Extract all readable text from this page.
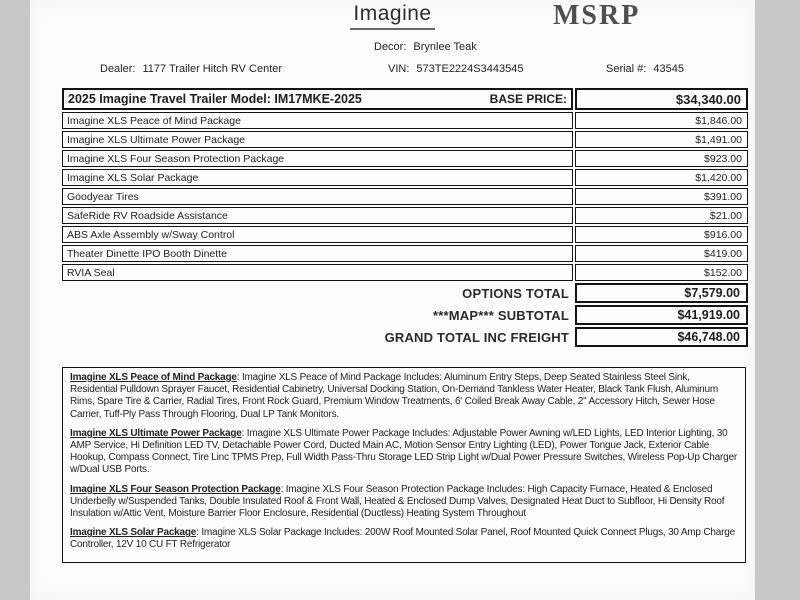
Imagine	MSRP
Decor: Brynlee Teak
Dealer: 1177 Trailer Hitch RV Center	VIN: 573TE2224S3443545	Serial #: 43545
2025 Imagine Travel Trailer Model: IM17MKE-2025	BASE PRICE:	$34,340.00
Imagine XLS Peace of Mind Package	$1,846.00
Imagine XLS Ultimate Power Package	$1,491.00
Imagine XLS Four Season Protection Package	$923.00
Imagine XLS Solar Package	$1,420.00
Goodyear Tires	$391.00
SafeRide RV Roadside Assistance	$21.00
ABS Axle Assembly w/Sway Control	$916.00
Theater Dinette IPO Booth Dinette	$419.00
RVIA Seal	$152.00
OPTIONS TOTAL	$7,579.00
***MAP*** SUBTOTAL	$41,919.00
GRAND TOTAL INC FREIGHT	$46,748.00

Imagine XLS Peace of Mind Package: Imagine XLS Peace of Mind Package Includes: Aluminum Entry Steps, Deep Seated Stainless Steel Sink, Residential Pulldown Sprayer Faucet, Residential Cabinetry, Universal Docking Station, On-Demand Tankless Water Heater, Black Tank Flush, Aluminum Rims, Spare Tire & Carrier, Radial Tires, Front Rock Guard, Premium Window Treatments, 6' Coiled Break Away Cable, 2" Accessory Hitch, Sewer Hose Carrier, Tuff-Ply Pass Through Flooring, Dual LP Tank Monitors.

Imagine XLS Ultimate Power Package: Imagine XLS Ultimate Power Package Includes: Adjustable Power Awning w/LED Lights, LED Interior Lighting, 30 AMP Service, Hi Definition LED TV, Detachable Power Cord, Ducted Main AC, Motion Sensor Entry Lighting (LED), Power Tongue Jack, Exterior Cable Hookup, Compass Connect, Tire Linc TPMS Prep, Full Width Pass-Thru Storage LED Strip Light w/Dual Power Pressure Switches, Wireless Pop-Up Charger w/Dual USB Ports.

Imagine XLS Four Season Protection Package: Imagine XLS Four Season Protection Package Includes: High Capacity Furnace, Heated & Enclosed Underbelly w/Suspended Tanks, Double Insulated Roof & Front Wall, Heated & Enclosed Dump Valves, Designated Heat Duct to Subfloor, Hi Density Roof Insulation w/Attic Vent, Moisture Barrier Floor Enclosure, Residential (Ductless) Heating System Throughout

Imagine XLS Solar Package: Imagine XLS Solar Package Includes: 200W Roof Mounted Solar Panel, Roof Mounted Quick Connect Plugs, 30 Amp Charge Controller, 12V 10 CU FT Refrigerator
